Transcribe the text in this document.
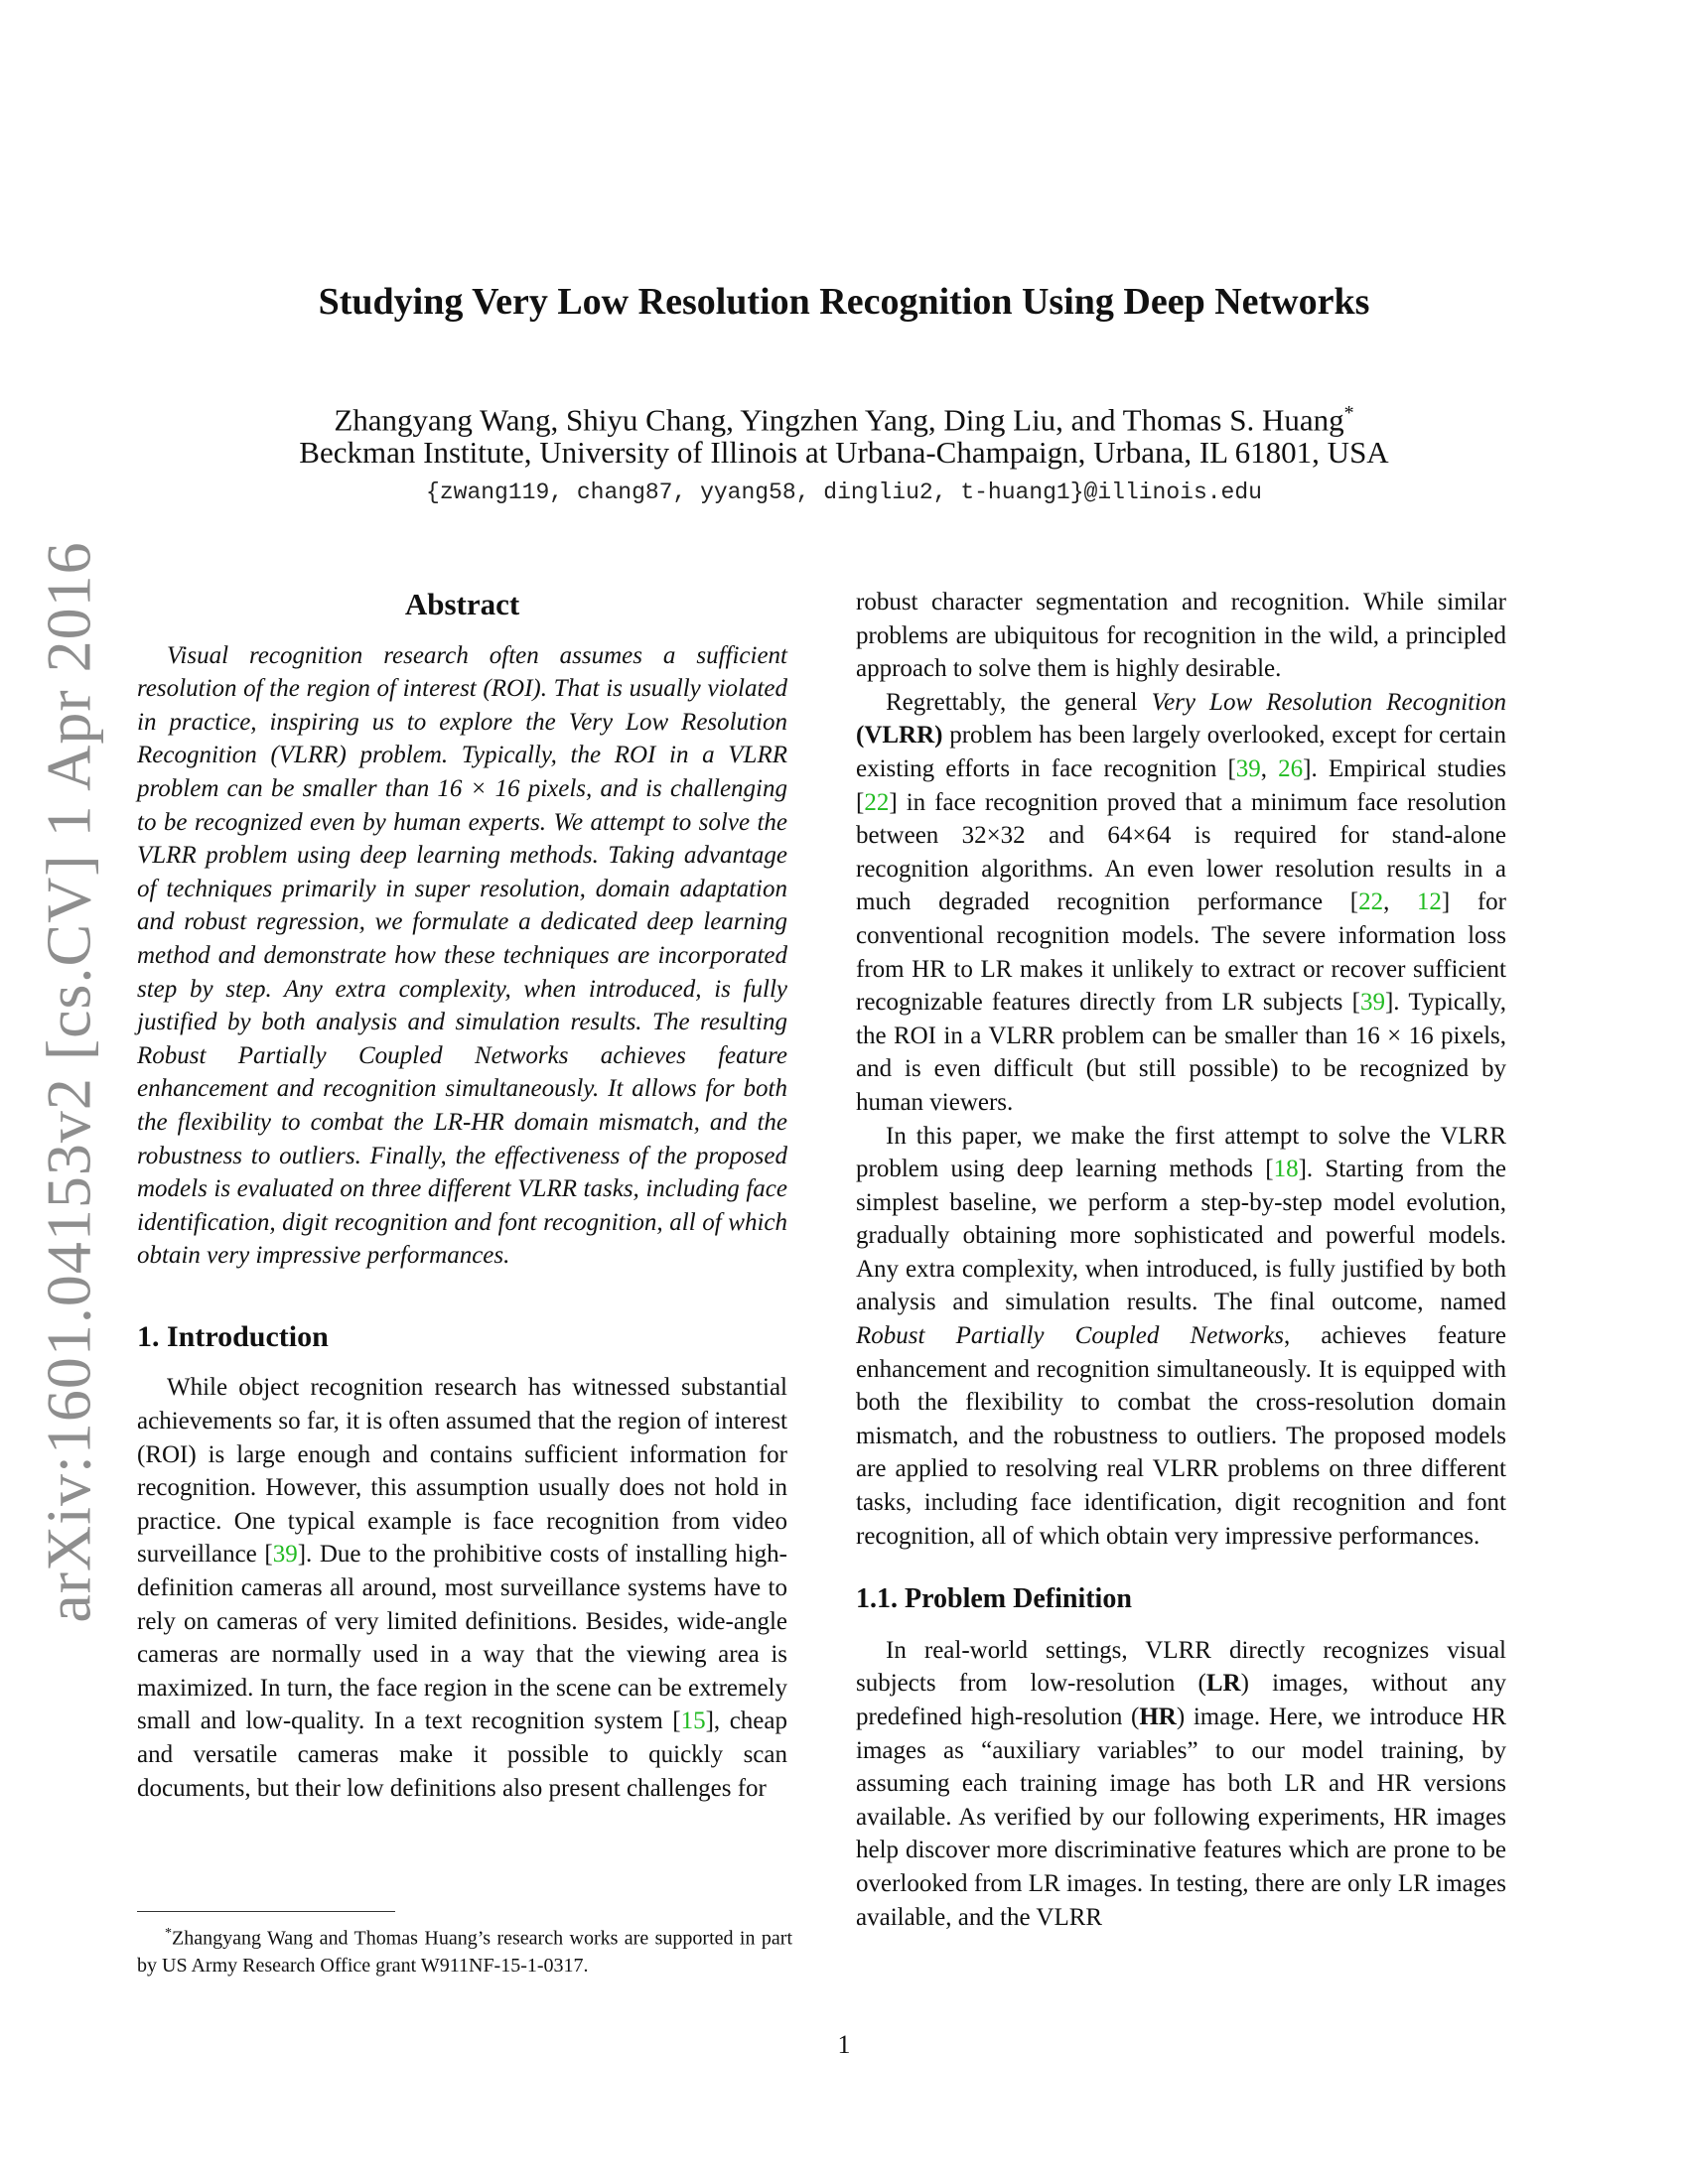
arXiv:1601.04153v2 [cs.CV] 1 Apr 2016
Studying Very Low Resolution Recognition Using Deep Networks
Zhangyang Wang, Shiyu Chang, Yingzhen Yang, Ding Liu, and Thomas S. Huang*
Beckman Institute, University of Illinois at Urbana-Champaign, Urbana, IL 61801, USA
{zwang119, chang87, yyang58, dingliu2, t-huang1}@illinois.edu
Abstract

Visual recognition research often assumes a sufficient resolution of the region of interest (ROI). That is usually violated in practice, inspiring us to explore the Very Low Resolution Recognition (VLRR) problem. Typically, the ROI in a VLRR problem can be smaller than 16 × 16 pixels, and is challenging to be recognized even by human experts. We attempt to solve the VLRR problem using deep learning methods. Taking advantage of techniques primarily in super resolution, domain adaptation and robust regression, we formulate a dedicated deep learning method and demonstrate how these techniques are incorporated step by step. Any extra complexity, when introduced, is fully justified by both analysis and simulation results. The resulting Robust Partially Coupled Networks achieves feature enhancement and recognition simultaneously. It allows for both the flexibility to combat the LR-HR domain mismatch, and the robustness to outliers. Finally, the effectiveness of the proposed models is evaluated on three different VLRR tasks, including face identification, digit recognition and font recognition, all of which obtain very impressive performances.

1. Introduction

While object recognition research has witnessed substantial achievements so far, it is often assumed that the region of interest (ROI) is large enough and contains sufficient information for recognition. However, this assumption usually does not hold in practice. One typical example is face recognition from video surveillance [39]. Due to the prohibitive costs of installing high-definition cameras all around, most surveillance systems have to rely on cameras of very limited definitions. Besides, wide-angle cameras are normally used in a way that the viewing area is maximized. In turn, the face region in the scene can be extremely small and low-quality. In a text recognition system [15], cheap and versatile cameras make it possible to quickly scan documents, but their low definitions also present challenges for

*Zhangyang Wang and Thomas Huang’s research works are supported in part by US Army Research Office grant W911NF-15-1-0317.

robust character segmentation and recognition. While similar problems are ubiquitous for recognition in the wild, a principled approach to solve them is highly desirable.

Regrettably, the general Very Low Resolution Recognition (VLRR) problem has been largely overlooked, except for certain existing efforts in face recognition [39, 26]. Empirical studies [22] in face recognition proved that a minimum face resolution between 32×32 and 64×64 is required for stand-alone recognition algorithms. An even lower resolution results in a much degraded recognition performance [22, 12] for conventional recognition models. The severe information loss from HR to LR makes it unlikely to extract or recover sufficient recognizable features directly from LR subjects [39]. Typically, the ROI in a VLRR problem can be smaller than 16 × 16 pixels, and is even difficult (but still possible) to be recognized by human viewers.

In this paper, we make the first attempt to solve the VLRR problem using deep learning methods [18]. Starting from the simplest baseline, we perform a step-by-step model evolution, gradually obtaining more sophisticated and powerful models. Any extra complexity, when introduced, is fully justified by both analysis and simulation results. The final outcome, named Robust Partially Coupled Networks, achieves feature enhancement and recognition simultaneously. It is equipped with both the flexibility to combat the cross-resolution domain mismatch, and the robustness to outliers. The proposed models are applied to resolving real VLRR problems on three different tasks, including face identification, digit recognition and font recognition, all of which obtain very impressive performances.

1.1. Problem Definition

In real-world settings, VLRR directly recognizes visual subjects from low-resolution (LR) images, without any predefined high-resolution (HR) image. Here, we introduce HR images as “auxiliary variables” to our model training, by assuming each training image has both LR and HR versions available. As verified by our following experiments, HR images help discover more discriminative features which are prone to be overlooked from LR images. In testing, there are only LR images available, and the VLRR

1
